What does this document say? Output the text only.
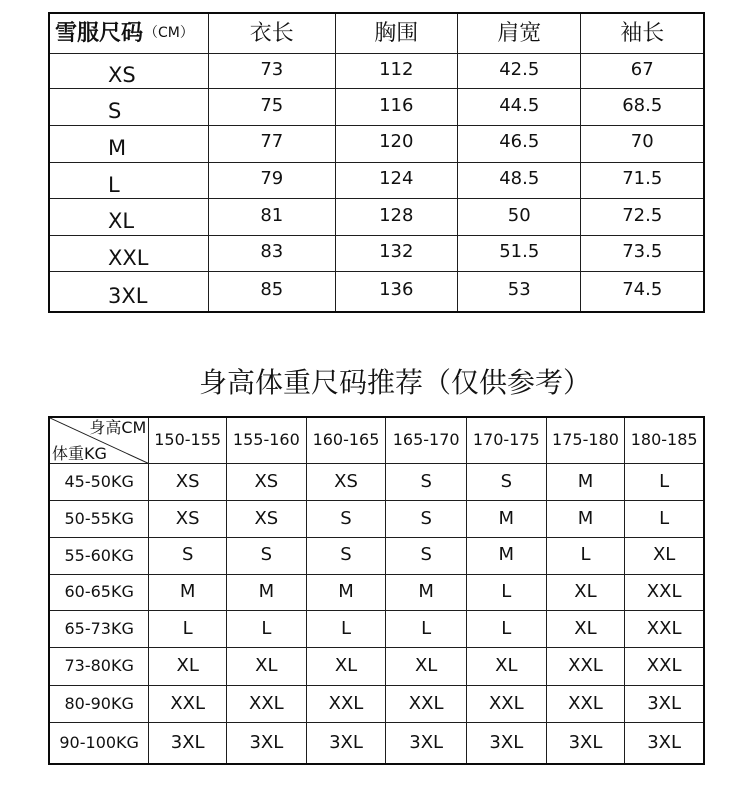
雪服尺码 （CM）	衣长	胸围	肩宽	袖长
XS	73	112	42.5	67
S	75	116	44.5	68.5
M	77	120	46.5	70
L	79	124	48.5	71.5
XL	81	128	50	72.5
XXL	83	132	51.5	73.5
3XL	85	136	53	74.5
身高体重尺码推荐（仅供参考）
身高CM
体重KG
150-155 155-160 160-165 165-170 170-175 175-180 180-185
45-50KG	XS	XS	XS	S	S	M	L
50-55KG	XS	XS	S	S	M	M	L
55-60KG	S	S	S	S	M	L	XL
60-65KG	M	M	M	M	L	XL	XXL
65-73KG	L	L	L	L	L	XL	XXL
73-80KG	XL	XL	XL	XL	XL	XXL	XXL
80-90KG	XXL	XXL	XXL	XXL	XXL	XXL	3XL
90-100KG	3XL	3XL	3XL	3XL	3XL	3XL	3XL
